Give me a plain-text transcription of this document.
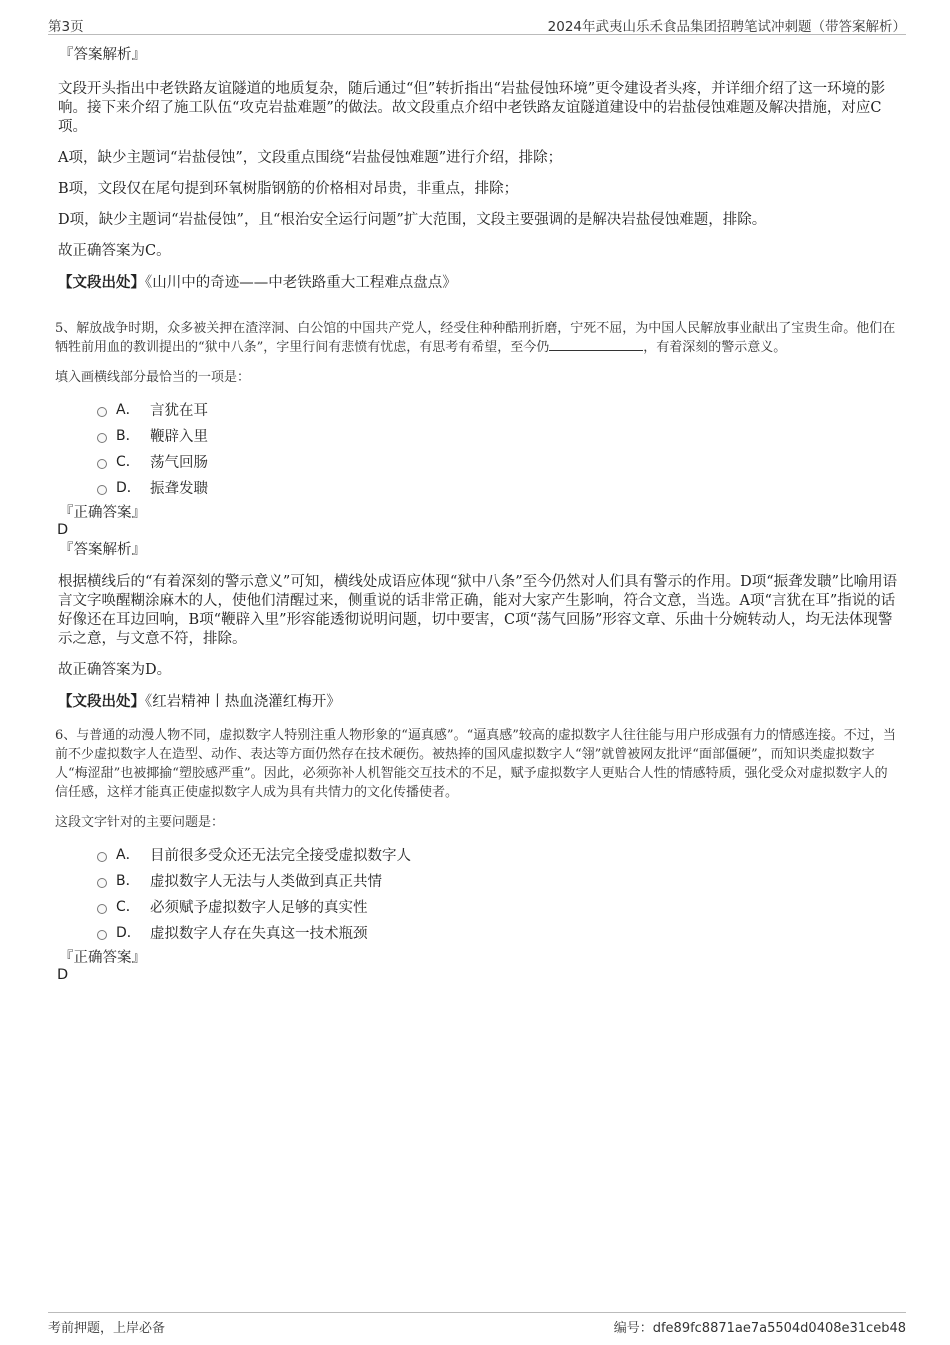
第3页	2024年武夷山乐禾食品集团招聘笔试冲刺题（带答案解析）

『答案解析』

文段开头指出中老铁路友谊隧道的地质复杂，随后通过“但”转折指出“岩盐侵蚀环境”更令建设者头疼，并详细介绍了这一环境的影响。接下来介绍了施工队伍“攻克岩盐难题”的做法。故文段重点介绍中老铁路友谊隧道建设中的岩盐侵蚀难题及解决措施，对应C项。

A项，缺少主题词“岩盐侵蚀”，文段重点围绕“岩盐侵蚀难题”进行介绍，排除；

B项，文段仅在尾句提到环氧树脂钢筋的价格相对昂贵，非重点，排除；

D项，缺少主题词“岩盐侵蚀”，且“根治安全运行问题”扩大范围，文段主要强调的是解决岩盐侵蚀难题，排除。

故正确答案为C。

【文段出处】《山川中的奇迹——中老铁路重大工程难点盘点》

5、解放战争时期，众多被关押在渣滓洞、白公馆的中国共产党人，经受住种种酷刑折磨，宁死不屈，为中国人民解放事业献出了宝贵生命。他们在牺牲前用血的教训提出的“狱中八条”，字里行间有悲愤有忧虑，有思考有希望，至今仍	，有着深刻的警示意义。

填入画横线部分最恰当的一项是：

A． 言犹在耳
B． 鞭辟入里
C． 荡气回肠
D． 振聋发聩

『正确答案』

D

『答案解析』

根据横线后的“有着深刻的警示意义”可知，横线处成语应体现“狱中八条”至今仍然对人们具有警示的作用。D项“振聋发聩”比喻用语言文字唤醒糊涂麻木的人，使他们清醒过来，侧重说的话非常正确，能对大家产生影响，符合文意，当选。A项“言犹在耳”指说的话好像还在耳边回响，B项“鞭辟入里”形容能透彻说明问题，切中要害，C项“荡气回肠”形容文章、乐曲十分婉转动人，均无法体现警示之意，与文意不符，排除。

故正确答案为D。

【文段出处】《红岩精神丨热血浇灌红梅开》

6、与普通的动漫人物不同，虚拟数字人特别注重人物形象的“逼真感”。“逼真感”较高的虚拟数字人往往能与用户形成强有力的情感连接。不过，当前不少虚拟数字人在造型、动作、表达等方面仍然存在技术硬伤。被热捧的国风虚拟数字人“翎”就曾被网友批评“面部僵硬”，而知识类虚拟数字人“梅涩甜”也被揶揄“塑胶感严重”。因此，必须弥补人机智能交互技术的不足，赋予虚拟数字人更贴合人性的情感特质，强化受众对虚拟数字人的信任感，这样才能真正使虚拟数字人成为具有共情力的文化传播使者。

这段文字针对的主要问题是：

A． 目前很多受众还无法完全接受虚拟数字人
B． 虚拟数字人无法与人类做到真正共情
C． 必须赋予虚拟数字人足够的真实性
D． 虚拟数字人存在失真这一技术瓶颈

『正确答案』

D

考前押题，上岸必备	编号：dfe89fc8871ae7a5504d0408e31ceb48
